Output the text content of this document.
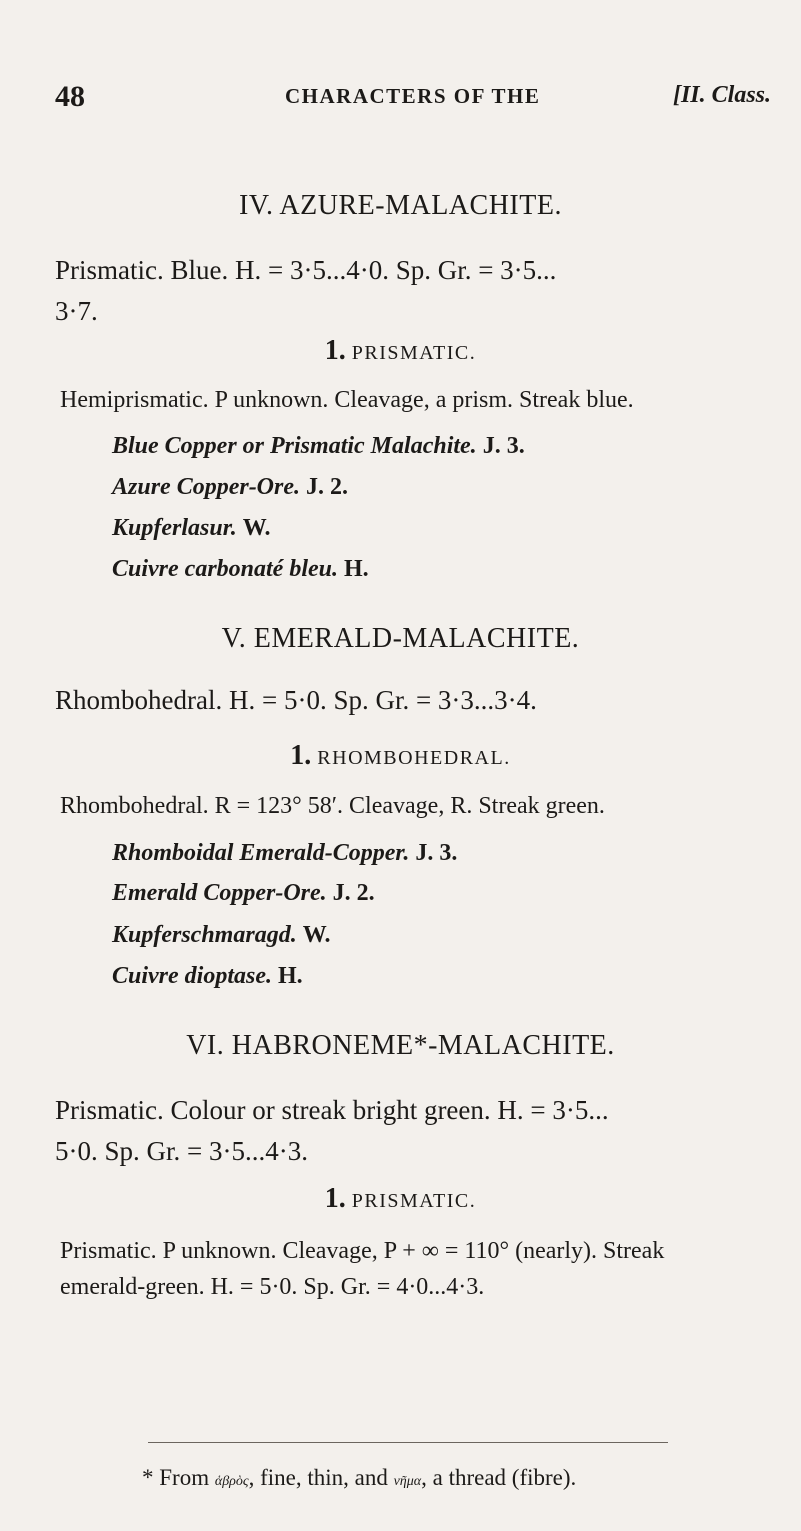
48	CHARACTERS OF THE	[II. Class.
IV. AZURE-MALACHITE.
Prismatic. Blue. H. = 3·5...4·0. Sp. Gr. = 3·5...
3·7.
1. PRISMATIC.
Hemiprismatic. P unknown. Cleavage, a prism. Streak blue.
Blue Copper or Prismatic Malachite. J. 3.
Azure Copper-Ore. J. 2.
Kupferlasur. W.
Cuivre carbonaté bleu. H.
V. EMERALD-MALACHITE.
Rhombohedral. H. = 5·0. Sp. Gr. = 3·3...3·4.
1. RHOMBOHEDRAL.
Rhombohedral. R = 123° 58′. Cleavage, R. Streak green.
Rhomboidal Emerald-Copper. J. 3.
Emerald Copper-Ore. J. 2.
Kupferschmaragd. W.
Cuivre dioptase. H.
VI. HABRONEME*-MALACHITE.
Prismatic. Colour or streak bright green. H. = 3·5...
5·0. Sp. Gr. = 3·5...4·3.
1. PRISMATIC.
Prismatic. P unknown. Cleavage, P + ∞ = 110° (nearly). Streak
emerald-green. H. = 5·0. Sp. Gr. = 4·0...4·3.
* From ἁβρὸς, fine, thin, and νῆμα, a thread (fibre).
